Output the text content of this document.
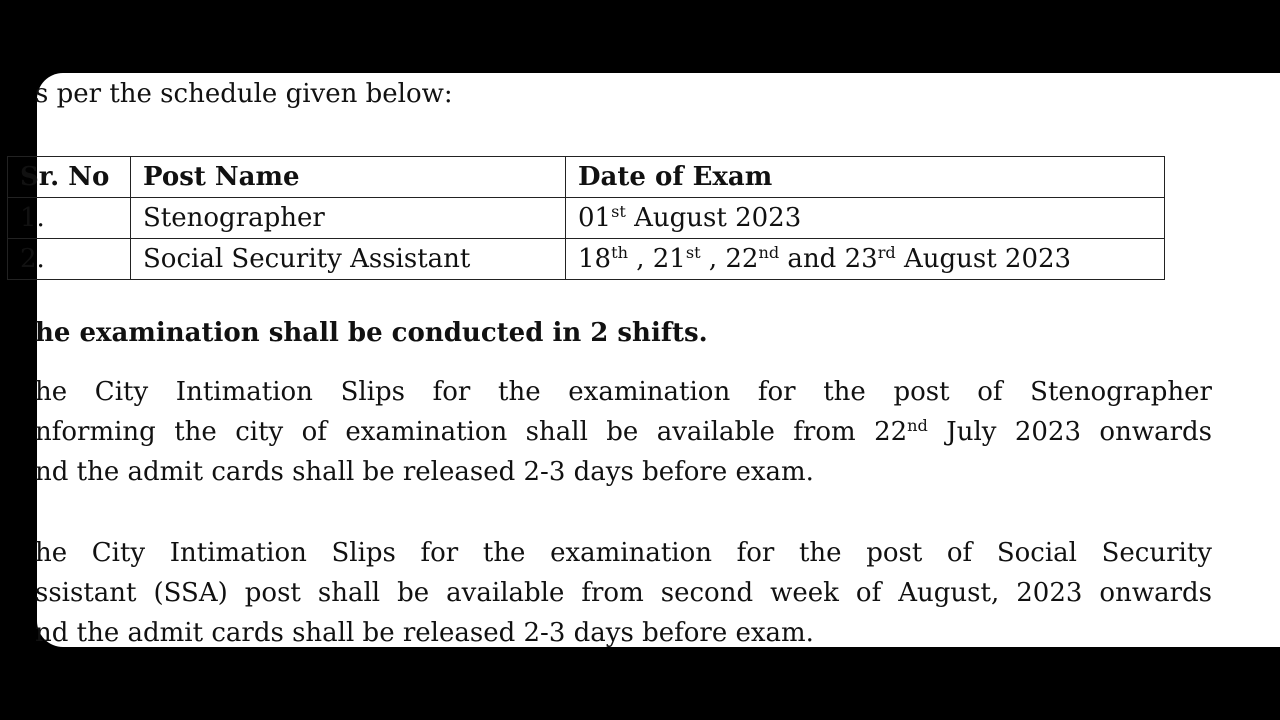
s per the schedule given below:
Sr. No	Post Name	Date of Exam
1.	Stenographer	01st August 2023
2.	Social Security Assistant	18th , 21st , 22nd and 23rd August 2023
he examination shall be conducted in 2 shifts.
he City Intimation Slips for the examination for the post of Stenographer
nforming the city of examination shall be available from 22nd July 2023 onwards
nd the admit cards shall be released 2-3 days before exam.
he City Intimation Slips for the examination for the post of Social Security
ssistant (SSA) post shall be available from second week of August, 2023 onwards
nd the admit cards shall be released 2-3 days before exam.
